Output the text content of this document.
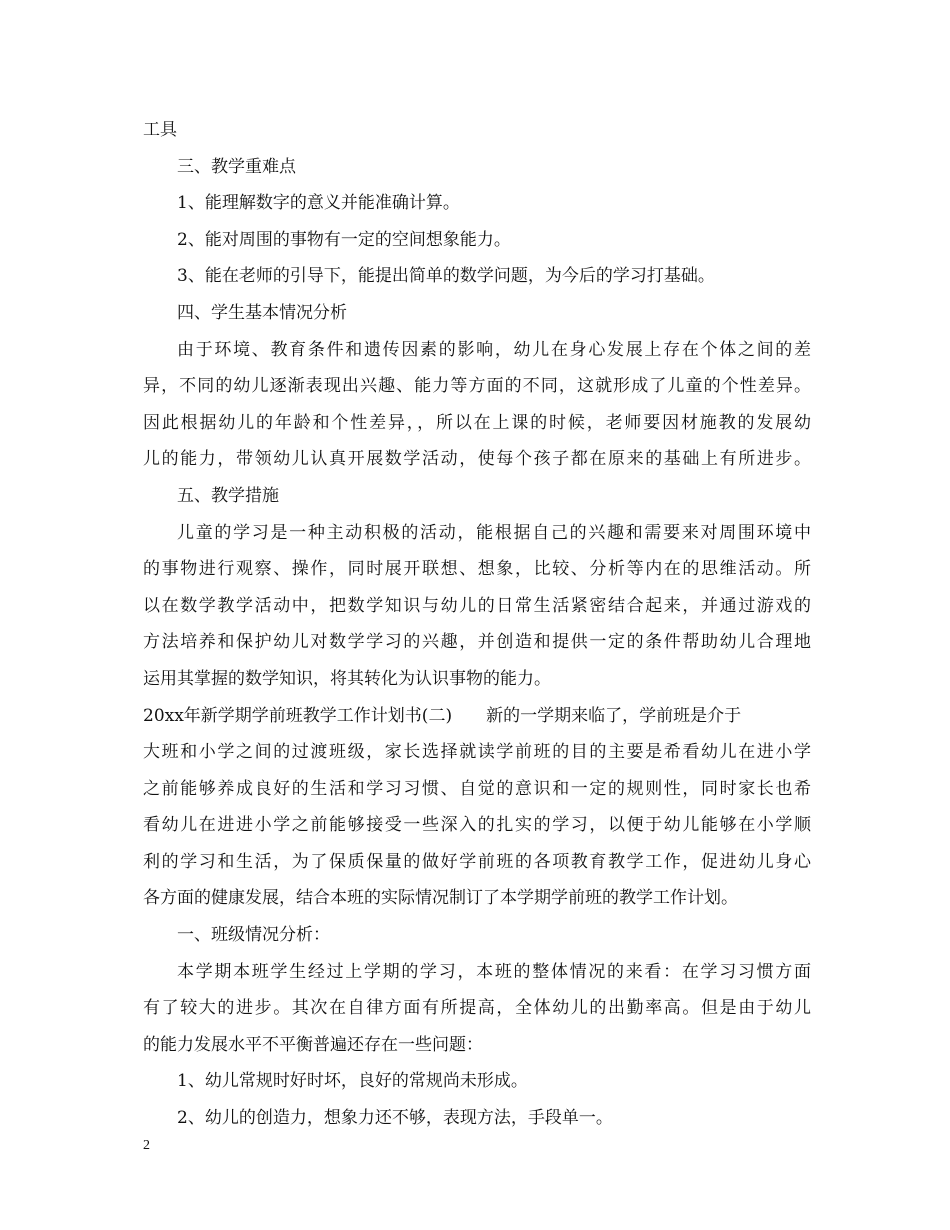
工具
三、教学重难点
1、能理解数字的意义并能准确计算。
2、能对周围的事物有一定的空间想象能力。
3、能在老师的引导下，能提出简单的数学问题，为今后的学习打基础。
四、学生基本情况分析
由于环境、教育条件和遗传因素的影响，幼儿在身心发展上存在个体之间的差
异，不同的幼儿逐渐表现出兴趣、能力等方面的不同，这就形成了儿童的个性差异。
因此根据幼儿的年龄和个性差异，，所以在上课的时候，老师要因材施教的发展幼
儿的能力，带领幼儿认真开展数学活动，使每个孩子都在原来的基础上有所进步。
五、教学措施
儿童的学习是一种主动积极的活动，能根据自己的兴趣和需要来对周围环境中
的事物进行观察、操作，同时展开联想、想象，比较、分析等内在的思维活动。所
以在数学教学活动中，把数学知识与幼儿的日常生活紧密结合起来，并通过游戏的
方法培养和保护幼儿对数学学习的兴趣，并创造和提供一定的条件帮助幼儿合理地
运用其掌握的数学知识，将其转化为认识事物的能力。
20xx年新学期学前班教学工作计划书(二)　　新的一学期来临了，学前班是介于
大班和小学之间的过渡班级，家长选择就读学前班的目的主要是希看幼儿在进小学
之前能够养成良好的生活和学习习惯、自觉的意识和一定的规则性，同时家长也希
看幼儿在进进小学之前能够接受一些深入的扎实的学习，以便于幼儿能够在小学顺
利的学习和生活，为了保质保量的做好学前班的各项教育教学工作，促进幼儿身心
各方面的健康发展，结合本班的实际情况制订了本学期学前班的教学工作计划。
一、班级情况分析：
本学期本班学生经过上学期的学习，本班的整体情况的来看：在学习习惯方面
有了较大的进步。其次在自律方面有所提高，全体幼儿的出勤率高。但是由于幼儿
的能力发展水平不平衡普遍还存在一些问题：
1、幼儿常规时好时坏，良好的常规尚未形成。
2、幼儿的创造力，想象力还不够，表现方法，手段单一。
2
